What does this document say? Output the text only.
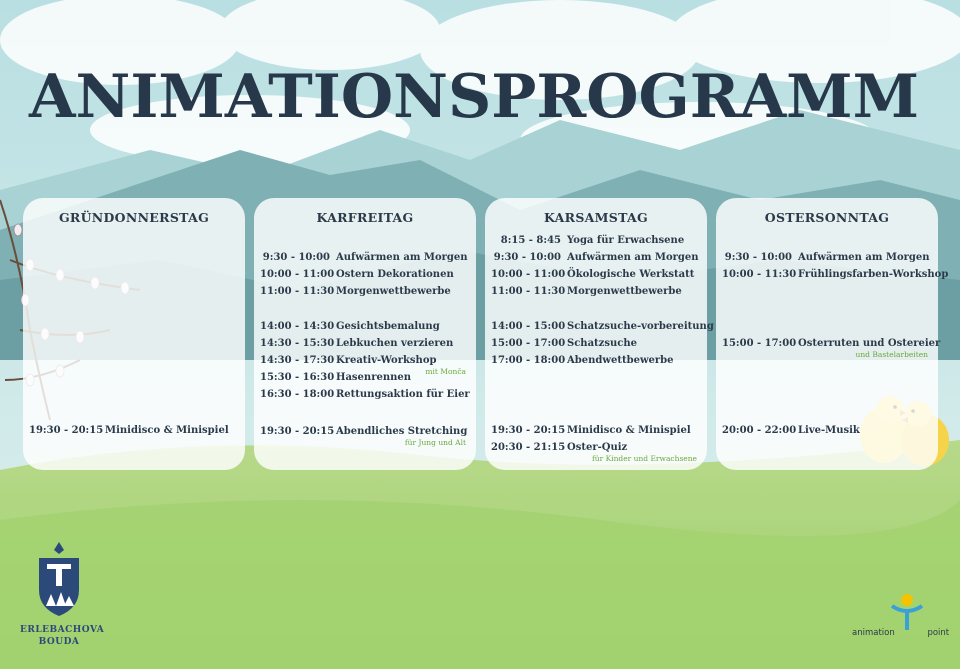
ANIMATIONSPROGRAMM
GRÜNDONNERSTAG
19:30 - 20:15 Minidisco & Minispiel
KARFREITAG
9:30 - 10:00 Aufwärmen am Morgen
10:00 - 11:00 Ostern Dekorationen
11:00 - 11:30 Morgenwettbewerbe
14:00 - 14:30 Gesichtsbemalung
14:30 - 15:30 Lebkuchen verzieren
14:30 - 17:30 Kreativ-Workshop
mit Monča
15:30 - 16:30 Hasenrennen
16:30 - 18:00 Rettungsaktion für Eier
19:30 - 20:15 Abendliches Stretching
für Jung und Alt
KARSAMSTAG
8:15 - 8:45 Yoga für Erwachsene
9:30 - 10:00 Aufwärmen am Morgen
10:00 - 11:00 Ökologische Werkstatt
11:00 - 11:30 Morgenwettbewerbe
14:00 - 15:00 Schatzsuche-vorbereitung
15:00 - 17:00 Schatzsuche
17:00 - 18:00 Abendwettbewerbe
19:30 - 20:15 Minidisco & Minispiel
20:30 - 21:15 Oster-Quiz
für Kinder und Erwachsene
OSTERSONNTAG
9:30 - 10:00 Aufwärmen am Morgen
10:00 - 11:30 Frühlingsfarben-Workshop
15:00 - 17:00 Osterruten und Ostereier
und Bastelarbeiten
20:00 - 22:00 Live-Musik
ERLEBACHOVA
BOUDA
animation	point
